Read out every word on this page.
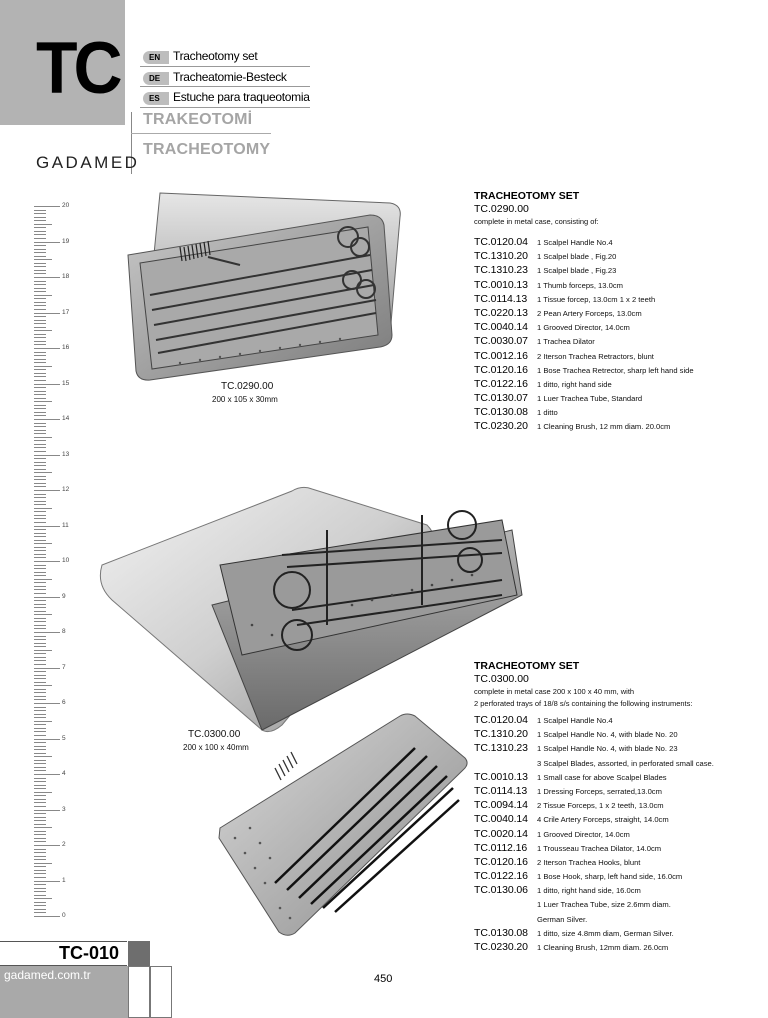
TC	EN	Tracheotomy set
DE	Tracheatomie-Besteck
ES	Estuche para traqueotomia
TRAKEOTOMİ
TRACHEOTOMY
GADAMED
20
19
18
17
16
15
14
13
12
11
10
9
8
7
6
5
4
3
2
1
0
TC.0290.00
200 x 105 x 30mm
TC.0300.00
200 x 100 x 40mm
TRACHEOTOMY SET
TC.0290.00
complete in metal case, consisting of:
TC.0120.04 1 Scalpel Handle No.4
TC.1310.20 1 Scalpel blade , Fig.20
TC.1310.23 1 Scalpel blade , Fig.23
TC.0010.13 1 Thumb forceps, 13.0cm
TC.0114.13 1 Tissue forcep, 13.0cm 1 x 2 teeth
TC.0220.13 2 Pean Artery Forceps, 13.0cm
TC.0040.14 1 Grooved Director, 14.0cm
TC.0030.07 1 Trachea Dilator
TC.0012.16 2 Iterson Trachea Retractors, blunt
TC.0120.16 1 Bose Trachea Retrector, sharp left hand side
TC.0122.16 1 ditto, right hand side
TC.0130.07 1 Luer Trachea Tube, Standard
TC.0130.08 1 ditto
TC.0230.20 1 Cleaning Brush, 12 mm diam. 20.0cm
TRACHEOTOMY SET
TC.0300.00
complete in metal case 200 x 100 x 40 mm, with
2 perforated trays of 18/8 s/s containing the following instruments:
TC.0120.04 1 Scalpel Handle No.4
TC.1310.20 1 Scalpel Handle No. 4, with blade No. 20
TC.1310.23 1 Scalpel Handle No. 4, with blade No. 23
3 Scalpel Blades, assorted, in perforated small case.
TC.0010.13 1 Small case for above Scalpel Blades
TC.0114.13 1 Dressing Forceps, serrated,13.0cm
TC.0094.14 2 Tissue Forceps, 1 x 2 teeth, 13.0cm
TC.0040.14 4 Crile Artery Forceps, straight, 14.0cm
TC.0020.14 1 Grooved Director, 14.0cm
TC.0112.16 1 Trousseau Trachea Dilator, 14.0cm
TC.0120.16 2 Iterson Trachea Hooks, blunt
TC.0122.16 1 Bose Hook, sharp, left hand side, 16.0cm
TC.0130.06 1 ditto, right hand side, 16.0cm
1 Luer Trachea Tube, size 2.6mm diam.
German Silver.
TC.0130.08 1 ditto, size 4.8mm diam, German Silver.
TC.0230.20 1 Cleaning Brush, 12mm diam. 26.0cm
TC-010
gadamed.com.tr	450
